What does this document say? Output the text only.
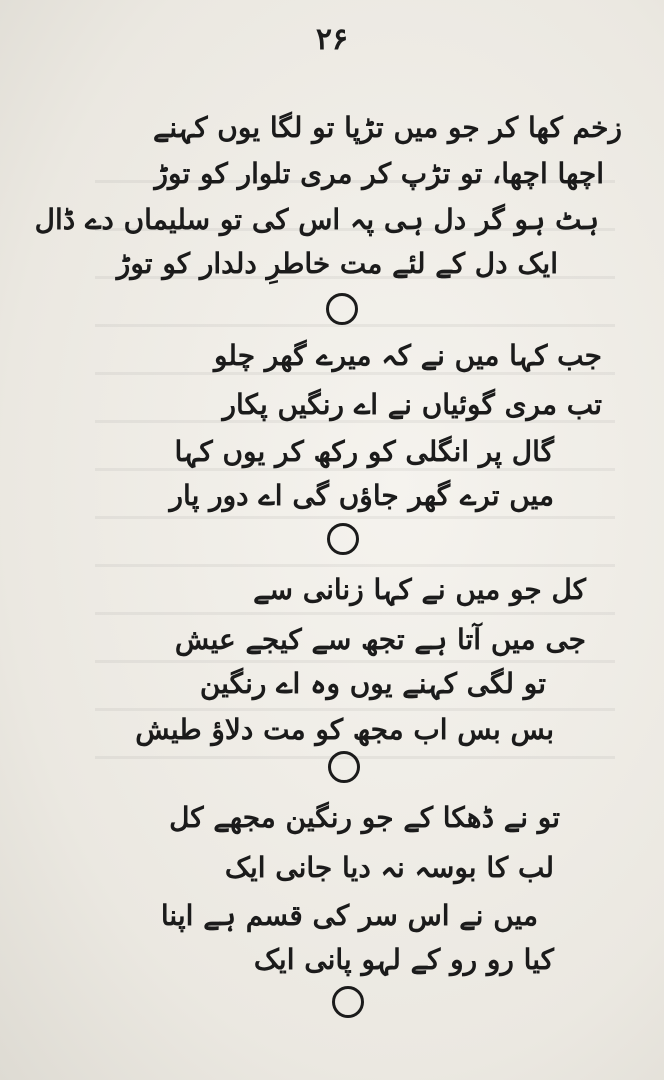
۲۶
زخم کھا کر جو میں تڑپا تو لگا یوں کہنے
اچھا اچھا، تو تڑپ کر مری تلوار کو توڑ
ہٹ ہو گر دل ہی پہ اس کی تو سلیماں دے ڈال
ایک دل کے لئے مت خاطرِ دلدار کو توڑ
جب کہا میں نے کہ میرے گھر چلو
تب مری گوئیاں نے اے رنگیں پکار
گال پر انگلی کو رکھ کر یوں کہا
میں ترے گھر جاؤں گی اے دور پار
کل جو میں نے کہا زنانی سے
جی میں آتا ہے تجھ سے کیجے عیش
تو لگی کہنے یوں وہ اے رنگین
بس بس اب مجھ کو مت دلاؤ طیش
تو نے ڈھکا کے جو رنگین مجھے کل
لب کا بوسہ نہ دیا جانی ایک
میں نے اس سر کی قسم ہے اپنا
کیا رو رو کے لہو پانی ایک
